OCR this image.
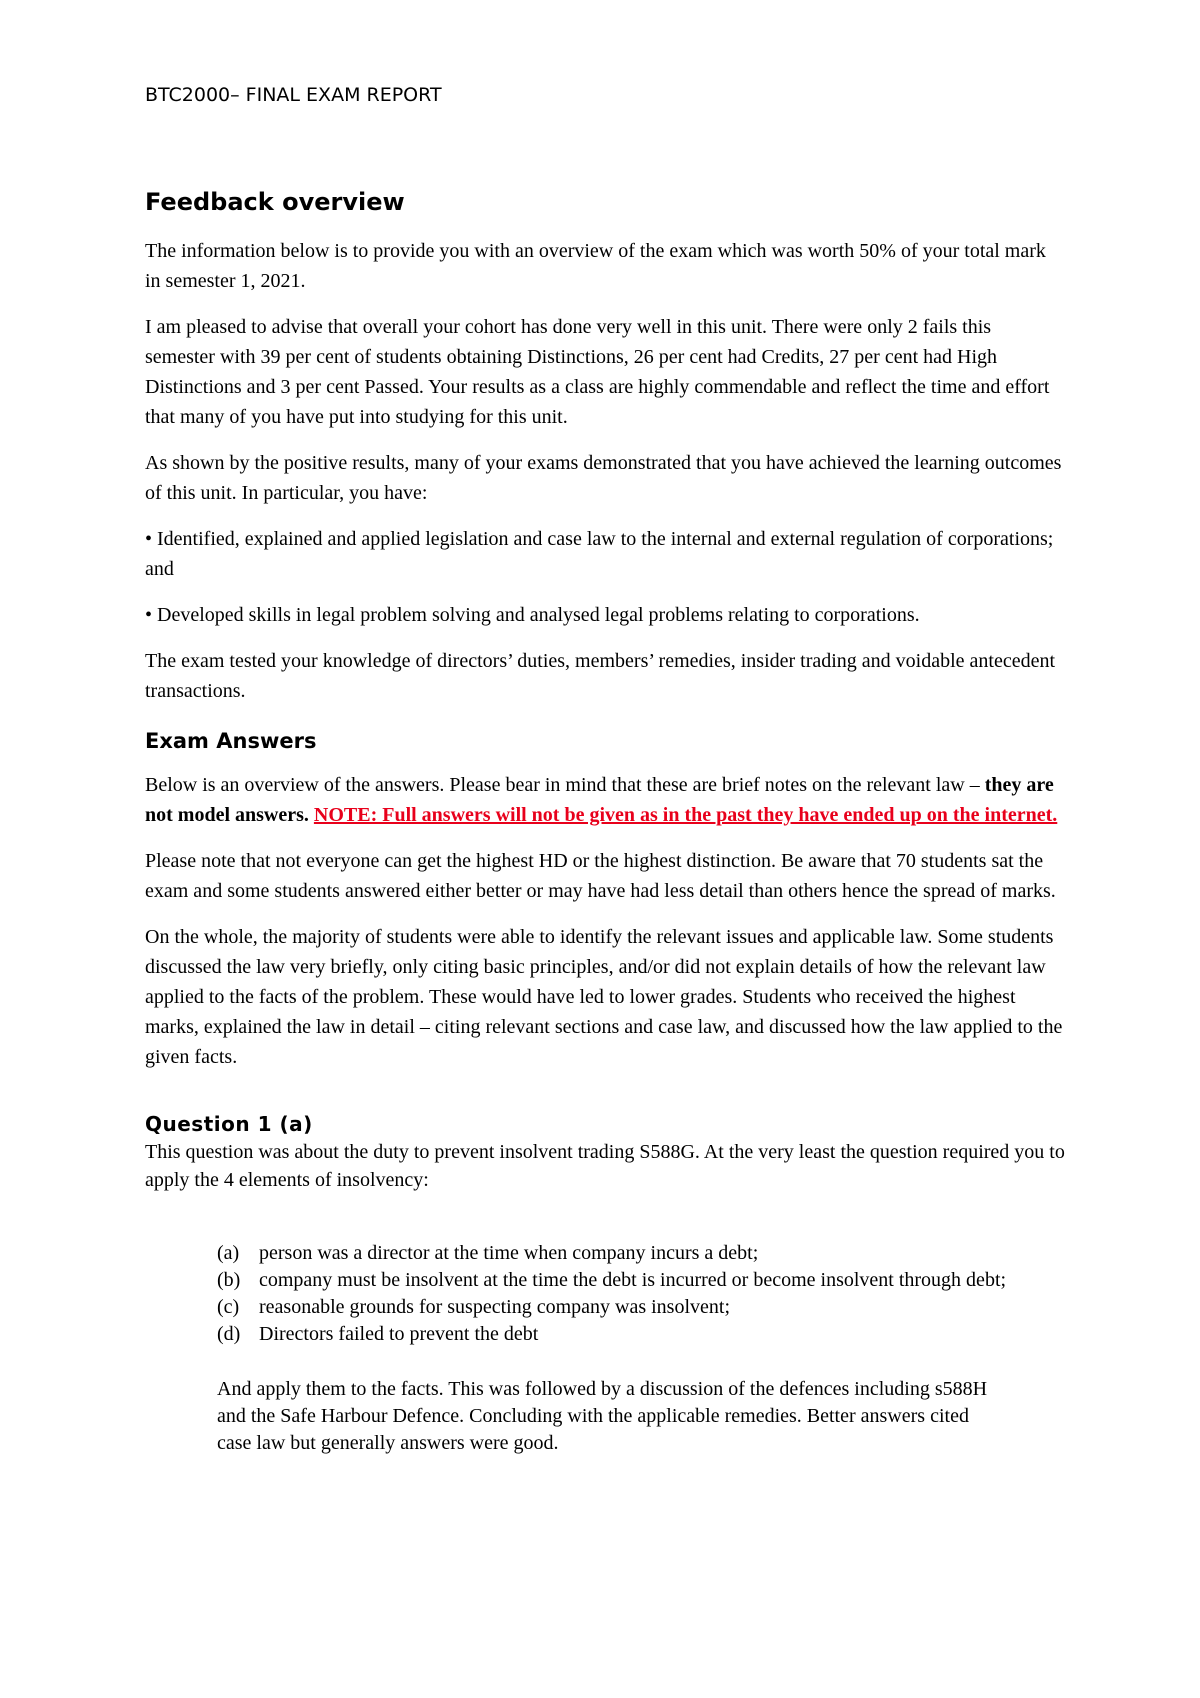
BTC2000– FINAL EXAM REPORT

Feedback overview

The information below is to provide you with an overview of the exam which was worth 50% of your total mark in semester 1, 2021.

I am pleased to advise that overall your cohort has done very well in this unit. There were only 2 fails this semester with 39 per cent of students obtaining Distinctions, 26 per cent had Credits, 27 per cent had High Distinctions and 3 per cent Passed. Your results as a class are highly commendable and reflect the time and effort that many of you have put into studying for this unit.

As shown by the positive results, many of your exams demonstrated that you have achieved the learning outcomes of this unit. In particular, you have:

• Identified, explained and applied legislation and case law to the internal and external regulation of corporations; and

• Developed skills in legal problem solving and analysed legal problems relating to corporations.

The exam tested your knowledge of directors’ duties, members’ remedies, insider trading and voidable antecedent transactions.

Exam Answers

Below is an overview of the answers. Please bear in mind that these are brief notes on the relevant law – they are not model answers. NOTE: Full answers will not be given as in the past they have ended up on the internet.

Please note that not everyone can get the highest HD or the highest distinction. Be aware that 70 students sat the exam and some students answered either better or may have had less detail than others hence the spread of marks.

On the whole, the majority of students were able to identify the relevant issues and applicable law. Some students discussed the law very briefly, only citing basic principles, and/or did not explain details of how the relevant law applied to the facts of the problem. These would have led to lower grades. Students who received the highest marks, explained the law in detail – citing relevant sections and case law, and discussed how the law applied to the given facts.

Question 1 (a)

This question was about the duty to prevent insolvent trading S588G. At the very least the question required you to apply the 4 elements of insolvency:

(a) person was a director at the time when company incurs a debt;
(b) company must be insolvent at the time the debt is incurred or become insolvent through debt;
(c) reasonable grounds for suspecting company was insolvent;
(d) Directors failed to prevent the debt

And apply them to the facts. This was followed by a discussion of the defences including s588H and the Safe Harbour Defence. Concluding with the applicable remedies. Better answers cited case law but generally answers were good.
